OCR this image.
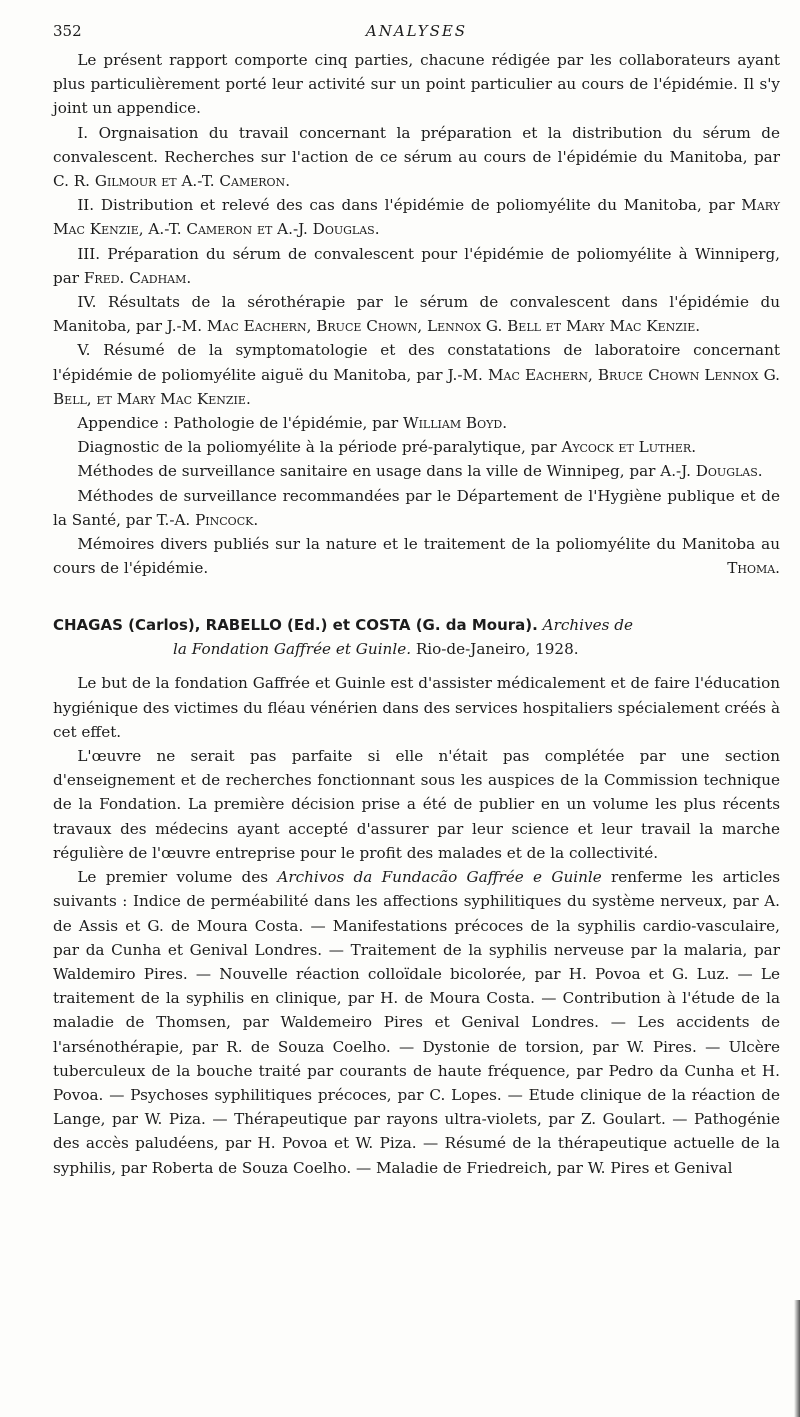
352	ANALYSES

Le présent rapport comporte cinq parties, chacune rédigée par les collaborateurs ayant plus particulièrement porté leur activité sur un point particulier au cours de l'épidémie. Il s'y joint un appendice.

I. Orgnaisation du travail concernant la préparation et la distribution du sérum de convalescent. Recherches sur l'action de ce sérum au cours de l'épidémie du Manitoba, par C. R. Gilmour et A.-T. Cameron.

II. Distribution et relevé des cas dans l'épidémie de poliomyélite du Manitoba, par Mary Mac Kenzie, A.-T. Cameron et A.-J. Douglas.

III. Préparation du sérum de convalescent pour l'épidémie de poliomyélite à Winniperg, par Fred. Cadham.

IV. Résultats de la sérothérapie par le sérum de convalescent dans l'épidémie du Manitoba, par J.-M. Mac Eachern, Bruce Chown, Lennox G. Bell et Mary Mac Kenzie.

V. Résumé de la symptomatologie et des constatations de laboratoire concernant l'épidémie de poliomyélite aiguë du Manitoba, par J.-M. Mac Eachern, Bruce Chown Lennox G. Bell, et Mary Mac Kenzie.

Appendice : Pathologie de l'épidémie, par William Boyd.

Diagnostic de la poliomyélite à la période pré-paralytique, par Aycock et Luther.

Méthodes de surveillance sanitaire en usage dans la ville de Winnipeg, par A.-J. Douglas.

Méthodes de surveillance recommandées par le Département de l'Hygiène publique et de la Santé, par T.-A. Pincock.

Mémoires divers publiés sur la nature et le traitement de la poliomyélite du Manitoba au cours de l'épidémie.	Thoma.

CHAGAS (Carlos), RABELLO (Ed.) et COSTA (G. da Moura). Archives de
la Fondation Gaffrée et Guinle. Rio-de-Janeiro, 1928.

Le but de la fondation Gaffrée et Guinle est d'assister médicalement et de faire l'éducation hygiénique des victimes du fléau vénérien dans des services hospitaliers spécialement créés à cet effet.

L'œuvre ne serait pas parfaite si elle n'était pas complétée par une section d'enseignement et de recherches fonctionnant sous les auspices de la Commission technique de la Fondation. La première décision prise a été de publier en un volume les plus récents travaux des médecins ayant accepté d'assurer par leur science et leur travail la marche régulière de l'œuvre entreprise pour le profit des malades et de la collectivité.

Le premier volume des Archivos da Fundacão Gaffrée e Guinle renferme les articles suivants : Indice de perméabilité dans les affections syphilitiques du système nerveux, par A. de Assis et G. de Moura Costa. — Manifestations précoces de la syphilis cardio-vasculaire, par da Cunha et Genival Londres. — Traitement de la syphilis nerveuse par la malaria, par Waldemiro Pires. — Nouvelle réaction colloïdale bicolorée, par H. Povoa et G. Luz. — Le traitement de la syphilis en clinique, par H. de Moura Costa. — Contribution à l'étude de la maladie de Thomsen, par Waldemeiro Pires et Genival Londres. — Les accidents de l'arsénothérapie, par R. de Souza Coelho. — Dystonie de torsion, par W. Pires. — Ulcère tuberculeux de la bouche traité par courants de haute fréquence, par Pedro da Cunha et H. Povoa. — Psychoses syphilitiques précoces, par C. Lopes. — Etude clinique de la réaction de Lange, par W. Piza. — Thérapeutique par rayons ultra-violets, par Z. Goulart. — Pathogénie des accès paludéens, par H. Povoa et W. Piza. — Résumé de la thérapeutique actuelle de la syphilis, par Roberta de Souza Coelho. — Maladie de Friedreich, par W. Pires et Genival
